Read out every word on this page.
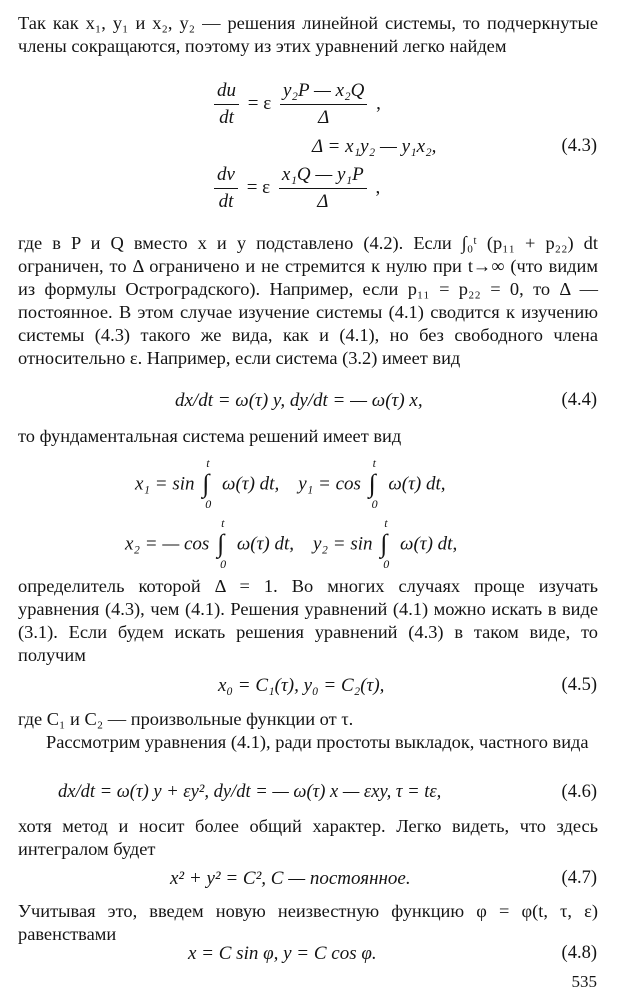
Так как x₁, y₁ и x₂, y₂ — решения линейной системы, то подчеркнутые члены сокращаются, поэтому из этих уравнений легко найдем

$\frac{du}{dt} = \varepsilon \frac{\text{y₂P — x₂Q}}{\Delta}$ ,
Δ = x₁y₂ — y₁x₂,	(4.3)
$\frac{dv}{dt} = \varepsilon \frac{\text{x₁Q — y₁P}}{\Delta}$ ,

где в P и Q вместо x и y подставлено (4.2). Если ∫₀ᵗ (p₁₁ + p₂₂) dt ограничен, то Δ ограничено и не стремится к нулю при t→∞ (что видим из формулы Остроградского). Например, если p₁₁ = p₂₂ = 0, то Δ — постоянное. В этом случае изучение системы (4.1) сводится к изучению системы (4.3) такого же вида, как и (4.1), но без свободного члена относительно ε. Например, если система (3.2) имеет вид

dx/dt = ω(τ) y, dy/dt = — ω(τ) x,	(4.4)

то фундаментальная система решений имеет вид

x₁ = sin ∫
t
0
ω(τ) dt, y₁ = cos ∫
t
0
ω(τ) dt,
x₂ = — cos ∫
t
0
ω(τ) dt, y₂ = sin ∫
t
0
ω(τ) dt,

определитель которой Δ = 1. Во многих случаях проще изучать уравнения (4.3), чем (4.1). Решения уравнений (4.1) можно искать в виде (3.1). Если будем искать решения уравнений (4.3) в таком виде, то получим

x₀ = C₁(τ), y₀ = C₂(τ),	(4.5)

где C₁ и C₂ — произвольные функции от τ.

Рассмотрим уравнения (4.1), ради простоты выкладок, частного вида

dx/dt = ω(τ) y + εy², dy/dt = — ω(τ) x — εxy, τ = tε,	(4.6)

хотя метод и носит более общий характер. Легко видеть, что здесь интегралом будет

x² + y² = C², C — постоянное.	(4.7)

Учитывая это, введем новую неизвестную функцию φ = φ(t, τ, ε) равенствами

x = C sin φ, y = C cos φ.	(4.8)
535
